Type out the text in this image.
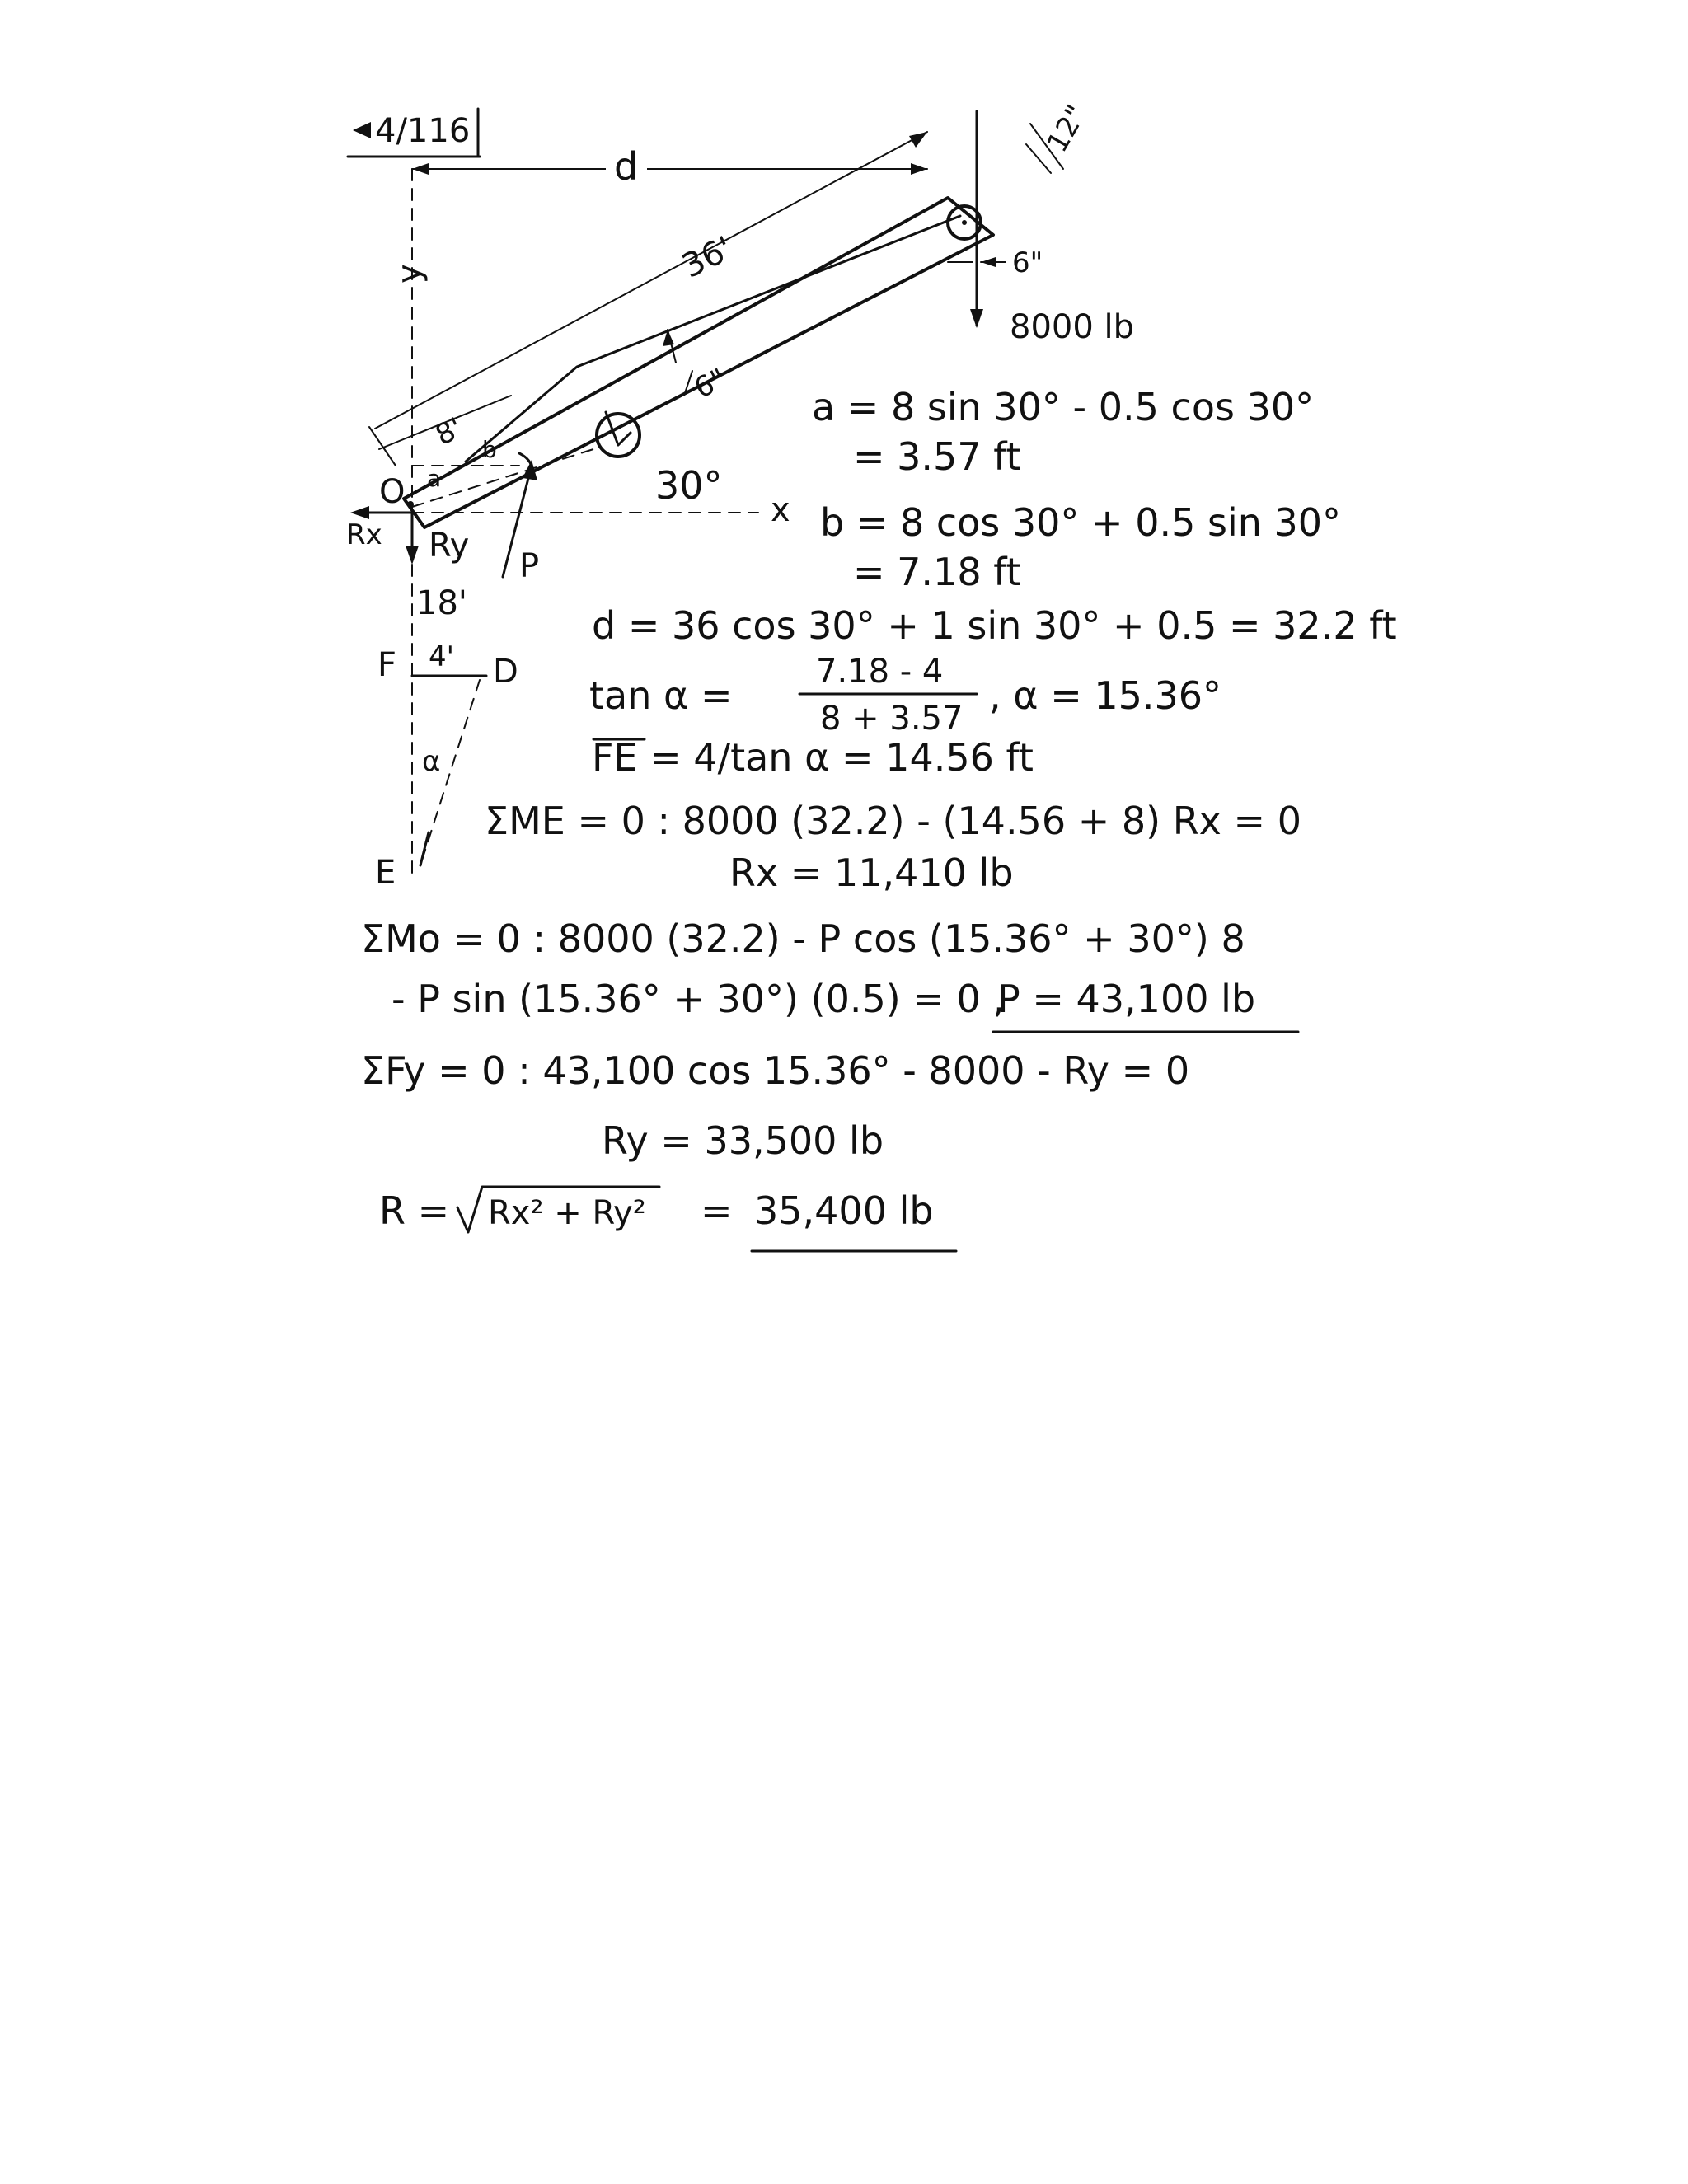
4/116
d
y	36'
12"
6"
8000 lb
6"
8'
a
b
30°
O	x
Rx Ry
P
18'
F 4' D
α
E
a = 8 sin 30° - 0.5 cos 30°
= 3.57 ft
b = 8 cos 30° + 0.5 sin 30°
= 7.18 ft
d = 36 cos 30° + 1 sin 30° + 0.5 = 32.2 ft
tan α =
7.18 - 4
8 + 3.57
, α = 15.36°
FE = 4/tan α = 14.56 ft
ΣME = 0 : 8000 (32.2) - (14.56 + 8) Rx = 0
Rx = 11,410 lb
ΣMo = 0 : 8000 (32.2) - P cos (15.36° + 30°) 8
- P sin (15.36° + 30°) (0.5) = 0 ,
P = 43,100 lb
ΣFy = 0 : 43,100 cos 15.36° - 8000 - Ry = 0
Ry = 33,500 lb
R = Rx² + Ry² = 35,400 lb
